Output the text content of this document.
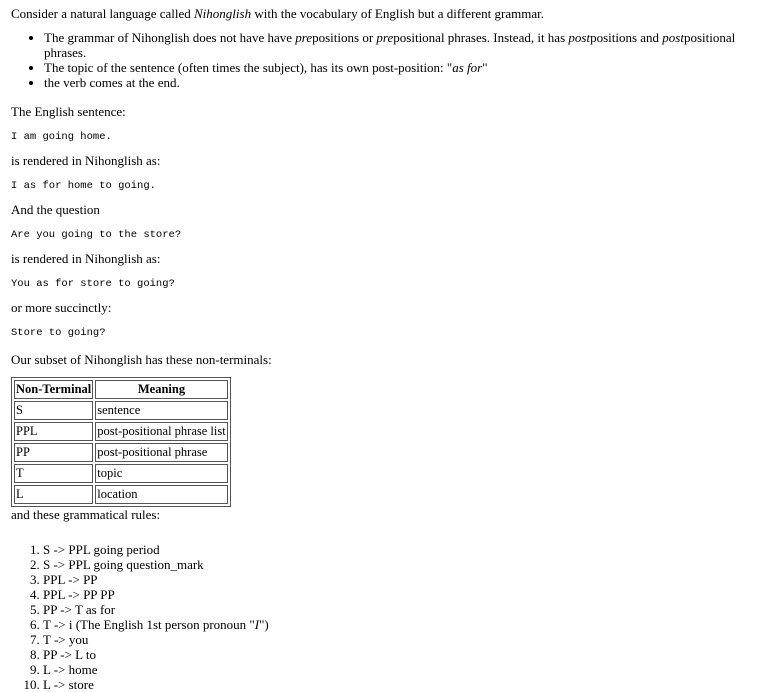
Consider a natural language called Nihonglish with the vocabulary of English but a different grammar.

• The grammar of Nihonglish does not have have prepositions or prepositional phrases. Instead, it has postpositions and postpositional phrases.
• The topic of the sentence (often times the subject), has its own post-position: "as for"
• the verb comes at the end.

The English sentence:

I am going home.

is rendered in Nihonglish as:

I as for home to going.

And the question

Are you going to the store?

is rendered in Nihonglish as:

You as for store to going?

or more succinctly:

Store to going?

Our subset of Nihonglish has these non-terminals:

Non-Terminal	Meaning
S	sentence
PPL	post-positional phrase list
PP	post-positional phrase
T	topic
L	location

and these grammatical rules:

1. S -> PPL going period
2. S -> PPL going question_mark
3. PPL -> PP
4. PPL -> PP PP
5. PP -> T as for
6. T -> i (The English 1st person pronoun "I")
7. T -> you
8. PP -> L to
9. L -> home
10. L -> store
